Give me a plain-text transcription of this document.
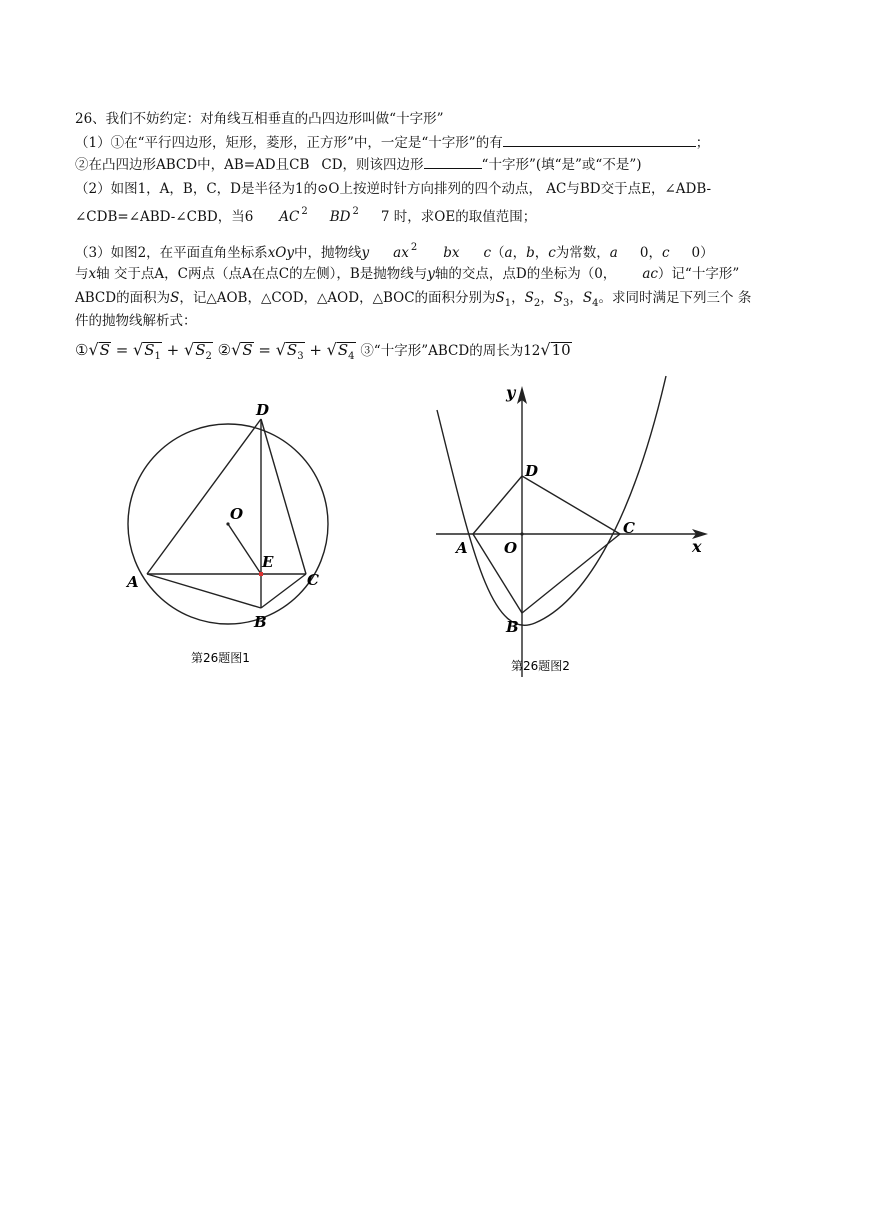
26、我们不妨约定：对角线互相垂直的凸四边形叫做“十字形”
（1）①在“平行四边形，矩形，菱形，正方形”中，一定是“十字形”的有	；
②在凸四边形ABCD中，AB=AD且CB CD，则该四边形	“十字形”(填“是”或“不是”)
（2）如图1，A，B，C，D是半径为1的⊙O上按逆时针方向排列的四个动点， AC与BD交于点E，∠ADB-
∠CDB=∠ABD-∠CBD，当6 AC $^2$ BD $^2$ 7 时，求OE的取值范围；
（3）如图2，在平面直角坐标系xOy中，抛物线y ax $^2$ bx c（a，b，c为常数，a 0，c 0）
与x轴 交于点A，C两点（点A在点C的左侧），B是抛物线与y轴的交点，点D的坐标为（0， ac）记“十字形”
ABCD的面积为S，记△AOB，△COD，△AOD，△BOC的面积分别为$S_1$，$S_2$，$S_3$，$S_4$。求同时满足下列三个 条
件的抛物线解析式：
①√S = $√S_1 + √S_2$ ②√S = $√S_3 + √S_4$ ③“十字形”ABCD的周长为12√10
D
O
E
A	C
B
第26题图1
y
x
D
A O
C
B
第26题图2
